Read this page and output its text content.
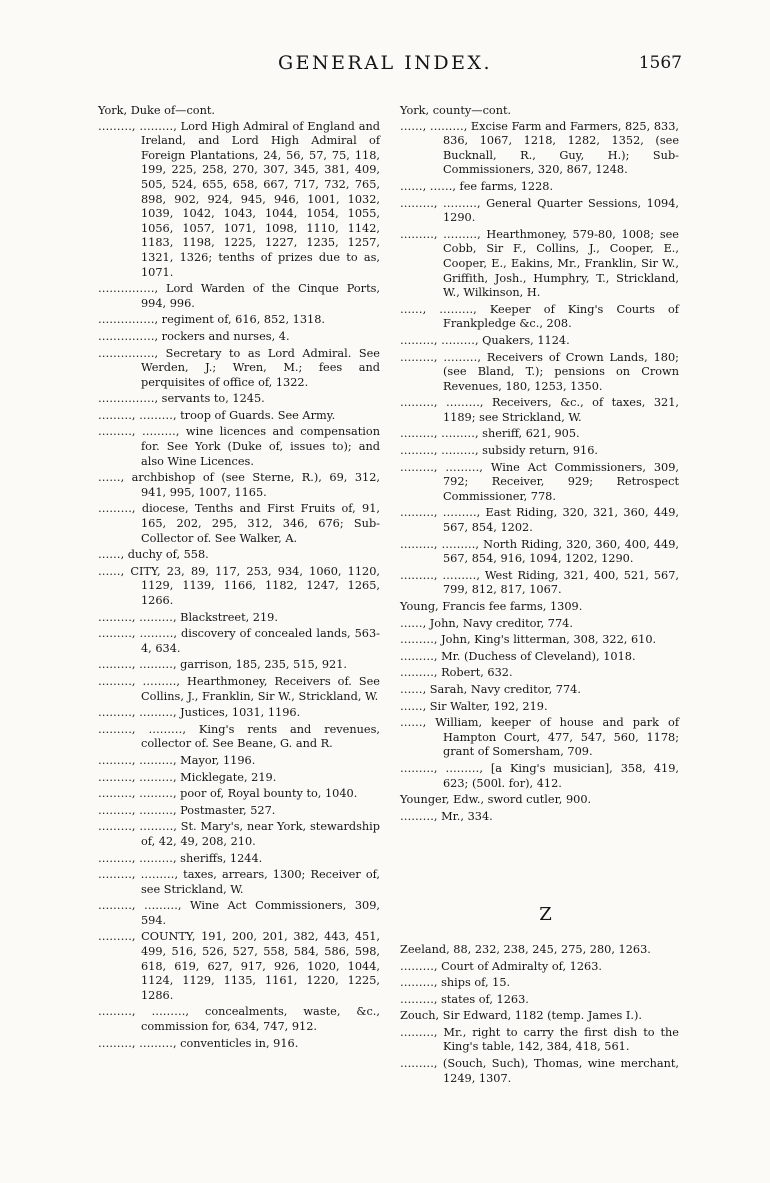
GENERAL INDEX.	1567
York, Duke of—cont.
………, ………, Lord High Admiral of England and Ireland, and Lord High Admiral of Foreign Plantations, 24, 56, 57, 75, 118, 199, 225, 258, 270, 307, 345, 381, 409, 505, 524, 655, 658, 667, 717, 732, 765, 898, 902, 924, 945, 946, 1001, 1032, 1039, 1042, 1043, 1044, 1054, 1055, 1056, 1057, 1071, 1098, 1110, 1142, 1183, 1198, 1225, 1227, 1235, 1257, 1321, 1326; tenths of prizes due to as, 1071.
……………, Lord Warden of the Cinque Ports, 994, 996.
……………, regiment of, 616, 852, 1318.
……………, rockers and nurses, 4.
……………, Secretary to as Lord Admiral. See Werden, J.; Wren, M.; fees and perquisites of office of, 1322.
……………, servants to, 1245.
………, ………, troop of Guards. See Army.
………, ………, wine licences and compensation for. See York (Duke of, issues to); and also Wine Licences.
……, archbishop of (see Sterne, R.), 69, 312, 941, 995, 1007, 1165.
………, diocese, Tenths and First Fruits of, 91, 165, 202, 295, 312, 346, 676; Sub-Collector of. See Walker, A.
……, duchy of, 558.
……, CITY, 23, 89, 117, 253, 934, 1060, 1120, 1129, 1139, 1166, 1182, 1247, 1265, 1266.
………, ………, Blackstreet, 219.
………, ………, discovery of concealed lands, 563-4, 634.
………, ………, garrison, 185, 235, 515, 921.
………, ………, Hearthmoney, Receivers of. See Collins, J., Franklin, Sir W., Strickland, W.
………, ………, Justices, 1031, 1196.
………, ………, King's rents and revenues, collector of. See Beane, G. and R.
………, ………, Mayor, 1196.
………, ………, Micklegate, 219.
………, ………, poor of, Royal bounty to, 1040.
………, ………, Postmaster, 527.
………, ………, St. Mary's, near York, stewardship of, 42, 49, 208, 210.
………, ………, sheriffs, 1244.
………, ………, taxes, arrears, 1300; Receiver of, see Strickland, W.
………, ………, Wine Act Commissioners, 309, 594.
………, COUNTY, 191, 200, 201, 382, 443, 451, 499, 516, 526, 527, 558, 584, 586, 598, 618, 619, 627, 917, 926, 1020, 1044, 1124, 1129, 1135, 1161, 1220, 1225, 1286.
………, ………, concealments, waste, &c., commission for, 634, 747, 912.
………, ………, conventicles in, 916.
York, county—cont.
……, ………, Excise Farm and Farmers, 825, 833, 836, 1067, 1218, 1282, 1352, (see Bucknall, R., Guy, H.); Sub-Commissioners, 320, 867, 1248.
……, ……, fee farms, 1228.
………, ………, General Quarter Sessions, 1094, 1290.
………, ………, Hearthmoney, 579-80, 1008; see Cobb, Sir F., Collins, J., Cooper, E., Cooper, E., Eakins, Mr., Franklin, Sir W., Griffith, Josh., Humphry, T., Strickland, W., Wilkinson, H.
……, ………, Keeper of King's Courts of Frankpledge &c., 208.
………, ………, Quakers, 1124.
………, ………, Receivers of Crown Lands, 180; (see Bland, T.); pensions on Crown Revenues, 180, 1253, 1350.
………, ………, Receivers, &c., of taxes, 321, 1189; see Strickland, W.
………, ………, sheriff, 621, 905.
………, ………, subsidy return, 916.
………, ………, Wine Act Commissioners, 309, 792; Receiver, 929; Retrospect Commissioner, 778.
………, ………, East Riding, 320, 321, 360, 449, 567, 854, 1202.
………, ………, North Riding, 320, 360, 400, 449, 567, 854, 916, 1094, 1202, 1290.
………, ………, West Riding, 321, 400, 521, 567, 799, 812, 817, 1067.
Young, Francis fee farms, 1309.
……, John, Navy creditor, 774.
………, John, King's litterman, 308, 322, 610.
………, Mr. (Duchess of Cleveland), 1018.
………, Robert, 632.
……, Sarah, Navy creditor, 774.
……, Sir Walter, 192, 219.
……, William, keeper of house and park of Hampton Court, 477, 547, 560, 1178; grant of Somersham, 709.
………, ………, [a King's musician], 358, 419, 623; (500l. for), 412.
Younger, Edw., sword cutler, 900.
………, Mr., 334.
Z
Zeeland, 88, 232, 238, 245, 275, 280, 1263.
………, Court of Admiralty of, 1263.
………, ships of, 15.
………, states of, 1263.
Zouch, Sir Edward, 1182 (temp. James I.).
………, Mr., right to carry the first dish to the King's table, 142, 384, 418, 561.
………, (Souch, Such), Thomas, wine merchant, 1249, 1307.
